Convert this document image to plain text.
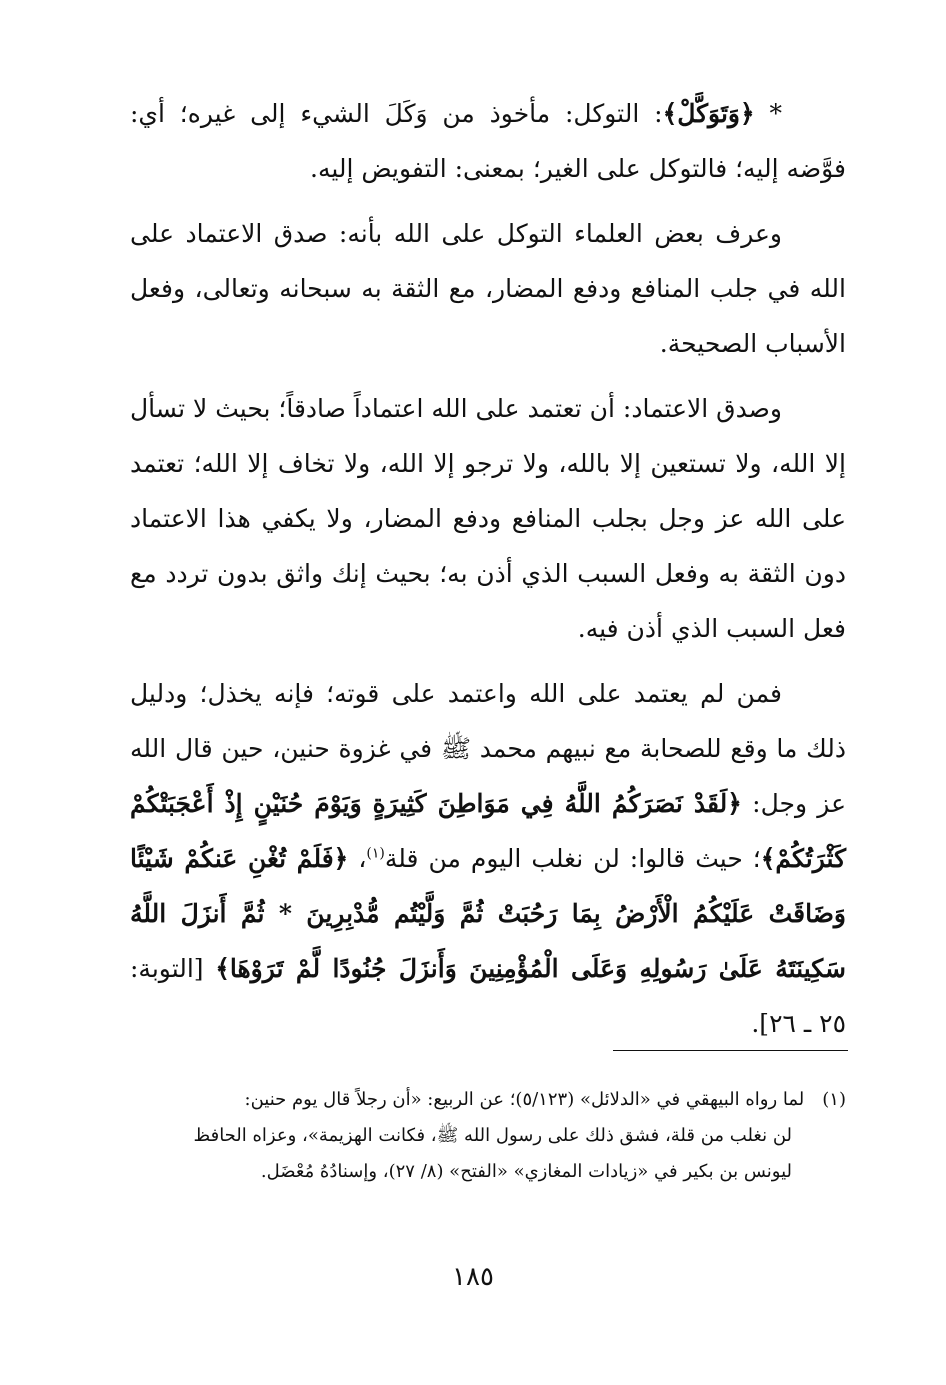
* ﴿وَتَوَكَّلْ﴾: التوكل: مأخوذ من وَكَلَ الشيء إلى غيره؛ أي: فوَّضه إليه؛ فالتوكل على الغير؛ بمعنى: التفويض إليه.

وعرف بعض العلماء التوكل على الله بأنه: صدق الاعتماد على الله في جلب المنافع ودفع المضار، مع الثقة به سبحانه وتعالى، وفعل الأسباب الصحيحة.

وصدق الاعتماد: أن تعتمد على الله اعتماداً صادقاً؛ بحيث لا تسأل إلا الله، ولا تستعين إلا بالله، ولا ترجو إلا الله، ولا تخاف إلا الله؛ تعتمد على الله عز وجل بجلب المنافع ودفع المضار، ولا يكفي هذا الاعتماد دون الثقة به وفعل السبب الذي أذن به؛ بحيث إنك واثق بدون تردد مع فعل السبب الذي أذن فيه.

فمن لم يعتمد على الله واعتمد على قوته؛ فإنه يخذل؛ ودليل ذلك ما وقع للصحابة مع نبيهم محمد ﷺ في غزوة حنين، حين قال الله عز وجل: ﴿لَقَدْ نَصَرَكُمُ اللَّهُ فِي مَوَاطِنَ كَثِيرَةٍ وَيَوْمَ حُنَيْنٍ إِذْ أَعْجَبَتْكُمْ كَثْرَتُكُمْ﴾؛ حيث قالوا: لن نغلب اليوم من قلة$^{(١)}$، ﴿فَلَمْ تُغْنِ عَنكُمْ شَيْئًا وَضَاقَتْ عَلَيْكُمُ الْأَرْضُ بِمَا رَحُبَتْ ثُمَّ وَلَّيْتُم مُّدْبِرِينَ * ثُمَّ أَنزَلَ اللَّهُ سَكِينَتَهُ عَلَىٰ رَسُولِهِ وَعَلَى الْمُؤْمِنِينَ وَأَنزَلَ جُنُودًا لَّمْ تَرَوْهَا﴾ [التوبة: ٢٥ ـ ٢٦].

(١)لما رواه البيهقي في «الدلائل» (٥/١٢٣)؛ عن الربيع: «أن رجلاً قال يوم حنين:
لن نغلب من قلة، فشق ذلك على رسول الله ﷺ، فكانت الهزيمة»، وعزاه الحافظ
ليونس بن بكير في «زيادات المغازي» «الفتح» (٨/ ٢٧)، وإسنادُهُ مُعْضَل.
١٨٥
